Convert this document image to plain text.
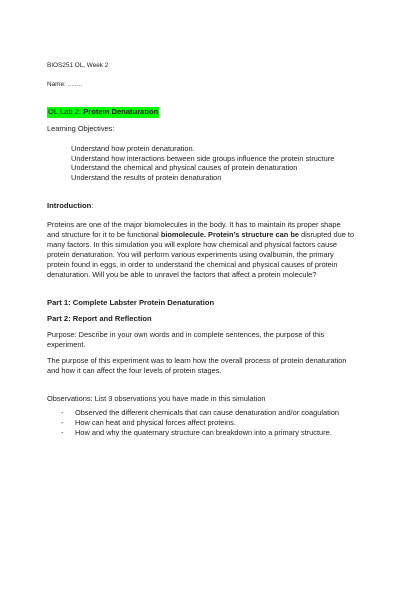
BIOS251 OL, Week 2

Name: …….

OL Lab 2: Protein Denaturation

Learning Objectives:

Understand how protein denaturation.
Understand how interactions between side groups influence the protein structure
Understand the chemical and physical causes of protein denaturation
Understand the results of protein denaturation

Introduction:

Proteins are one of the major biomolecules in the body. It has to maintain its proper shape and structure for it to be functional biomolecule. Protein’s structure can be disrupted due to many factors. In this simulation you will explore how chemical and physical factors cause protein denaturation. You will perform various experiments using ovalbumin, the primary protein found in eggs, in order to understand the chemical and physical causes of protein denaturation. Will you be able to unravel the factors that affect a protein molecule?

Part 1: Complete Labster Protein Denaturation

Part 2: Report and Reflection

Purpose: Describe in your own words and in complete sentences, the purpose of this experiment.

The purpose of this experiment was to learn how the overall process of protein denaturation and how it can affect the four levels of protein stages.

Observations: List 3 observations you have made in this simulation

- Observed the different chemicals that can cause denaturation and/or coagulation
- How can heat and physical forces affect proteins.
- How and why the quaternary structure can breakdown into a primary structure.
